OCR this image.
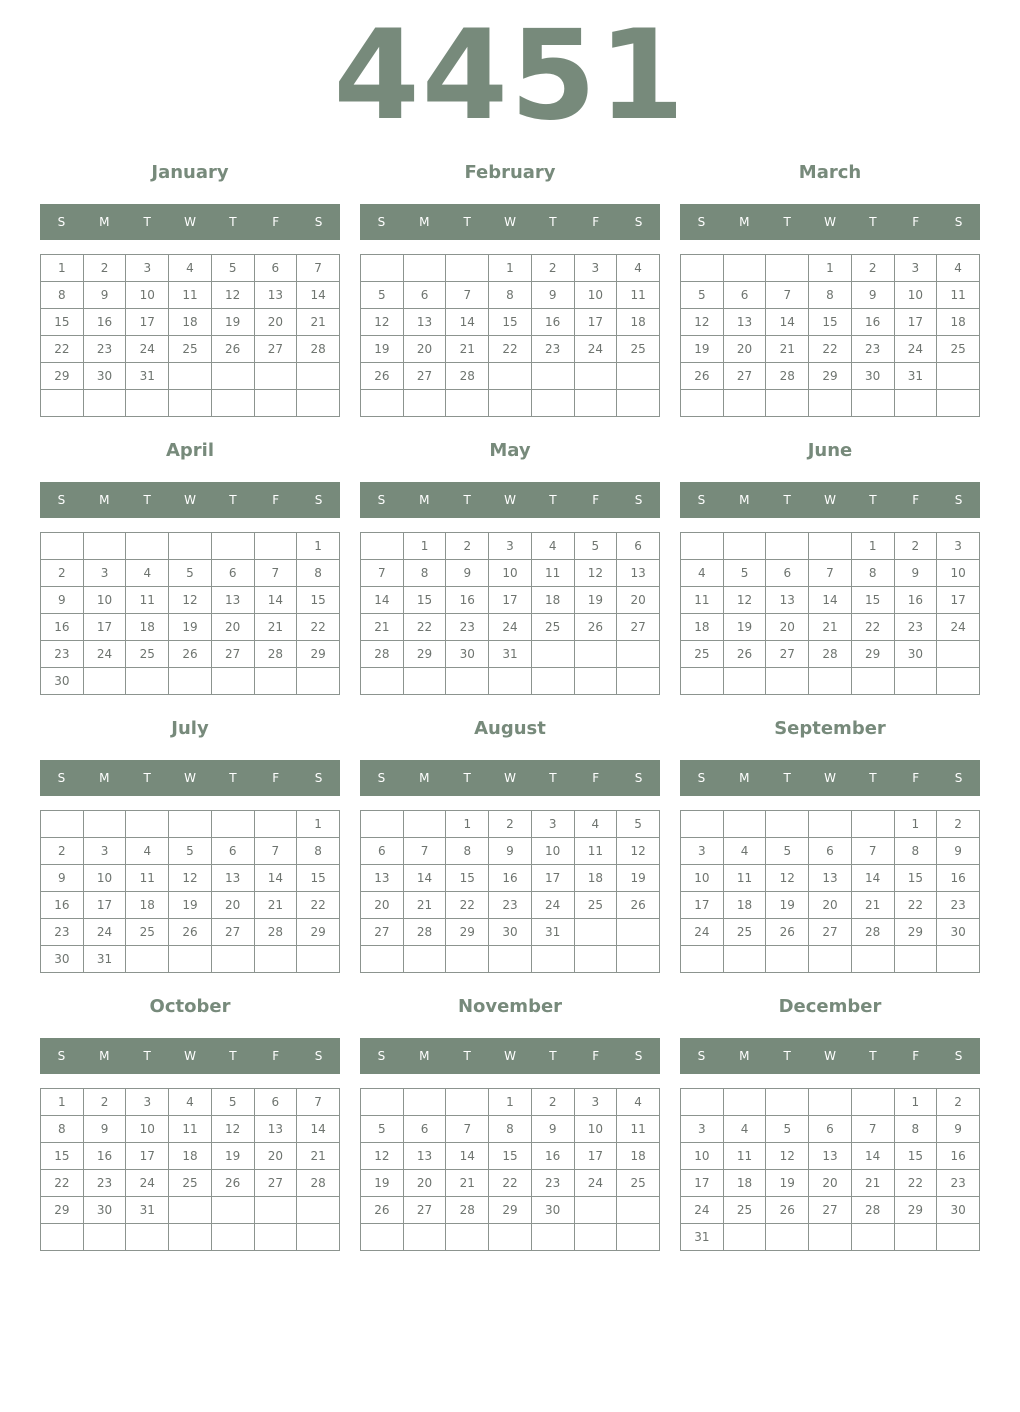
4451
January
S	M	T	W	T	F	S
1	2	3	4	5	6	7
8	9	10	11	12	13	14
15	16	17	18	19	20	21
22	23	24	25	26	27	28
29	30	31				

February
S	M	T	W	T	F	S
			1	2	3	4
5	6	7	8	9	10	11
12	13	14	15	16	17	18
19	20	21	22	23	24	25
26	27	28				

March
S	M	T	W	T	F	S
			1	2	3	4
5	6	7	8	9	10	11
12	13	14	15	16	17	18
19	20	21	22	23	24	25
26	27	28	29	30	31	

April
S	M	T	W	T	F	S
						1
2	3	4	5	6	7	8
9	10	11	12	13	14	15
16	17	18	19	20	21	22
23	24	25	26	27	28	29
30						
May
S	M	T	W	T	F	S
	1	2	3	4	5	6
7	8	9	10	11	12	13
14	15	16	17	18	19	20
21	22	23	24	25	26	27
28	29	30	31			

June
S	M	T	W	T	F	S
				1	2	3
4	5	6	7	8	9	10
11	12	13	14	15	16	17
18	19	20	21	22	23	24
25	26	27	28	29	30	

July
S	M	T	W	T	F	S
						1
2	3	4	5	6	7	8
9	10	11	12	13	14	15
16	17	18	19	20	21	22
23	24	25	26	27	28	29
30	31					
August
S	M	T	W	T	F	S
		1	2	3	4	5
6	7	8	9	10	11	12
13	14	15	16	17	18	19
20	21	22	23	24	25	26
27	28	29	30	31		

September
S	M	T	W	T	F	S
					1	2
3	4	5	6	7	8	9
10	11	12	13	14	15	16
17	18	19	20	21	22	23
24	25	26	27	28	29	30

October
S	M	T	W	T	F	S
1	2	3	4	5	6	7
8	9	10	11	12	13	14
15	16	17	18	19	20	21
22	23	24	25	26	27	28
29	30	31				

November
S	M	T	W	T	F	S
			1	2	3	4
5	6	7	8	9	10	11
12	13	14	15	16	17	18
19	20	21	22	23	24	25
26	27	28	29	30		

December
S	M	T	W	T	F	S
					1	2
3	4	5	6	7	8	9
10	11	12	13	14	15	16
17	18	19	20	21	22	23
24	25	26	27	28	29	30
31						
